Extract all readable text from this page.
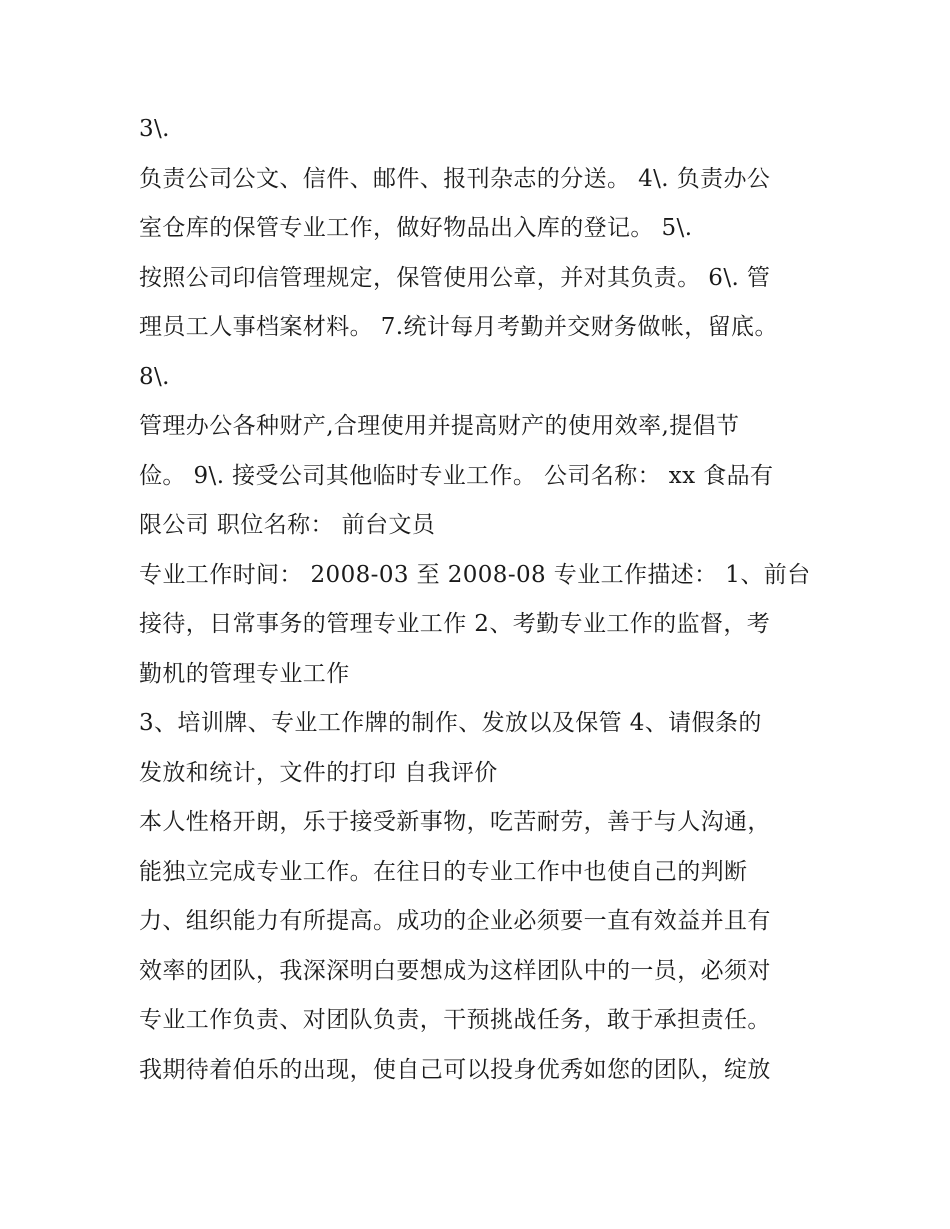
3\.
负责公司公文、信件、邮件、报刊杂志的分送。 4\. 负责办公
室仓库的保管专业工作，做好物品出入库的登记。 5\.
按照公司印信管理规定，保管使用公章，并对其负责。 6\. 管
理员工人事档案材料。 7.统计每月考勤并交财务做帐，留底。
8\.
管理办公各种财产,合理使用并提高财产的使用效率,提倡节
俭。 9\. 接受公司其他临时专业工作。 公司名称： xx 食品有
限公司 职位名称： 前台文员
专业工作时间： 2008-03 至 2008-08 专业工作描述： 1、前台
接待，日常事务的管理专业工作 2、考勤专业工作的监督，考
勤机的管理专业工作
3、培训牌、专业工作牌的制作、发放以及保管 4、请假条的
发放和统计，文件的打印 自我评价
本人性格开朗，乐于接受新事物，吃苦耐劳，善于与人沟通，
能独立完成专业工作。在往日的专业工作中也使自己的判断
力、组织能力有所提高。成功的企业必须要一直有效益并且有
效率的团队，我深深明白要想成为这样团队中的一员，必须对
专业工作负责、对团队负责，干预挑战任务，敢于承担责任。
我期待着伯乐的出现，使自己可以投身优秀如您的团队，绽放
